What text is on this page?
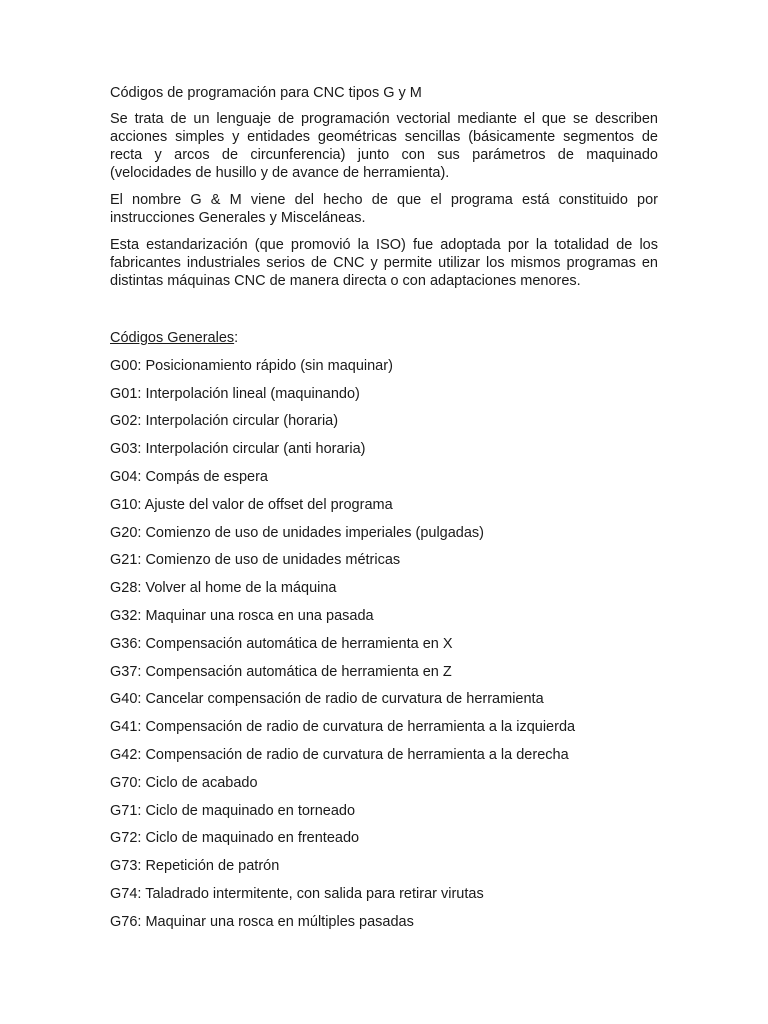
Códigos de programación para CNC tipos G y M

Se trata de un lenguaje de programación vectorial mediante el que se describen acciones simples y entidades geométricas sencillas (básicamente segmentos de recta y arcos de circunferencia) junto con sus parámetros de maquinado (velocidades de husillo y de avance de herramienta).

El nombre G & M viene del hecho de que el programa está constituido por instrucciones Generales y Misceláneas.

Esta estandarización (que promovió la ISO) fue adoptada por la totalidad de los fabricantes industriales serios de CNC y permite utilizar los mismos programas en distintas máquinas CNC de manera directa o con adaptaciones menores.

Códigos Generales:

G00: Posicionamiento rápido (sin maquinar)
G01: Interpolación lineal (maquinando)
G02: Interpolación circular (horaria)
G03: Interpolación circular (anti horaria)
G04: Compás de espera
G10: Ajuste del valor de offset del programa
G20: Comienzo de uso de unidades imperiales (pulgadas)
G21: Comienzo de uso de unidades métricas
G28: Volver al home de la máquina
G32: Maquinar una rosca en una pasada
G36: Compensación automática de herramienta en X
G37: Compensación automática de herramienta en Z
G40: Cancelar compensación de radio de curvatura de herramienta
G41: Compensación de radio de curvatura de herramienta a la izquierda
G42: Compensación de radio de curvatura de herramienta a la derecha
G70: Ciclo de acabado
G71: Ciclo de maquinado en torneado
G72: Ciclo de maquinado en frenteado
G73: Repetición de patrón
G74: Taladrado intermitente, con salida para retirar virutas
G76: Maquinar una rosca en múltiples pasadas
